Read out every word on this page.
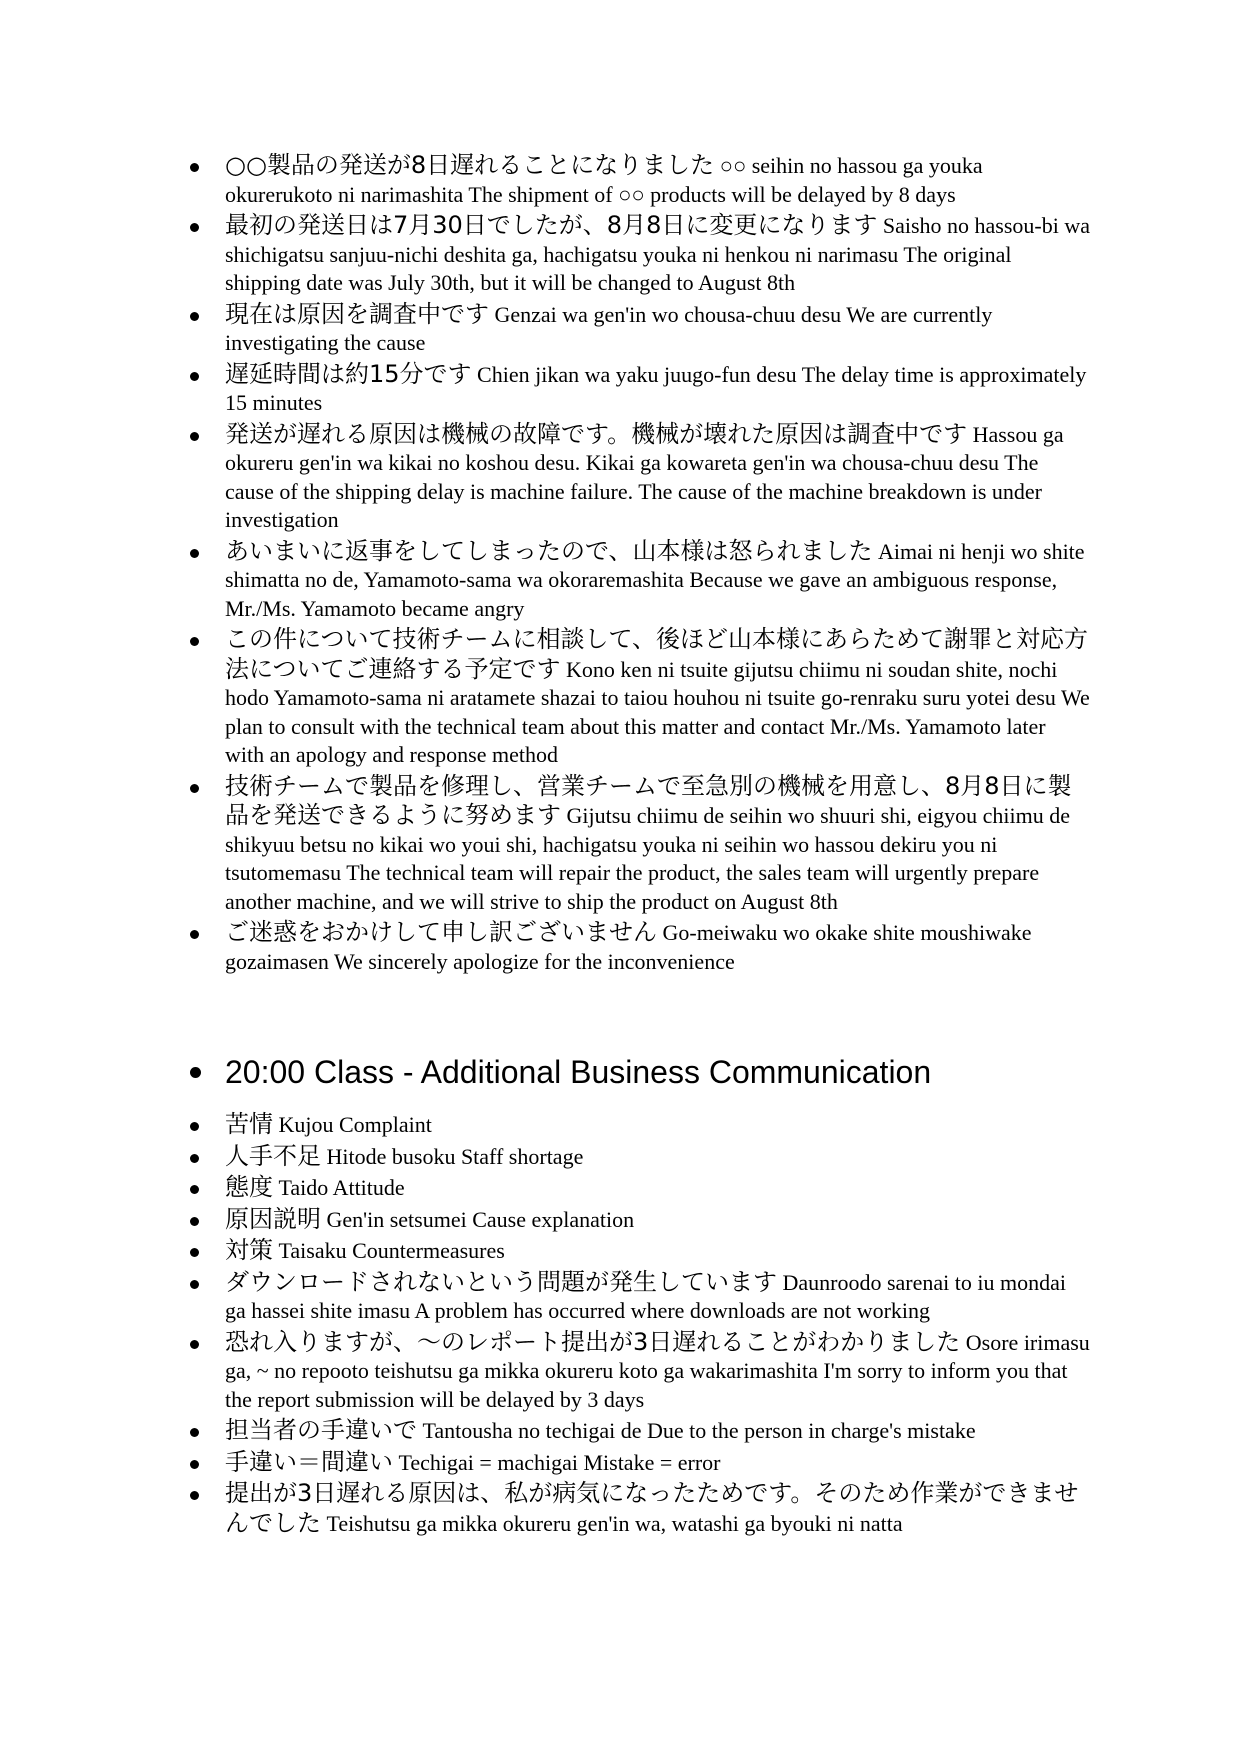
○○製品の発送が8日遅れることになりました ○○ seihin no hassou ga youka okurerukoto ni narimashita The shipment of ○○ products will be delayed by 8 days
最初の発送日は7月30日でしたが、8月8日に変更になります Saisho no hassou-bi wa shichigatsu sanjuu-nichi deshita ga, hachigatsu youka ni henkou ni narimasu The original shipping date was July 30th, but it will be changed to August 8th
現在は原因を調査中です Genzai wa gen'in wo chousa-chuu desu We are currently investigating the cause
遅延時間は約15分です Chien jikan wa yaku juugo-fun desu The delay time is approximately 15 minutes
発送が遅れる原因は機械の故障です。機械が壊れた原因は調査中です Hassou ga okureru gen'in wa kikai no koshou desu. Kikai ga kowareta gen'in wa chousa-chuu desu The cause of the shipping delay is machine failure. The cause of the machine breakdown is under investigation
あいまいに返事をしてしまったので、山本様は怒られました Aimai ni henji wo shite shimatta no de, Yamamoto-sama wa okoraremashita Because we gave an ambiguous response, Mr./Ms. Yamamoto became angry
この件について技術チームに相談して、後ほど山本様にあらためて謝罪と対応方法についてご連絡する予定です Kono ken ni tsuite gijutsu chiimu ni soudan shite, nochi hodo Yamamoto-sama ni aratamete shazai to taiou houhou ni tsuite go-renraku suru yotei desu We plan to consult with the technical team about this matter and contact Mr./Ms. Yamamoto later with an apology and response method
技術チームで製品を修理し、営業チームで至急別の機械を用意し、8月8日に製品を発送できるように努めます Gijutsu chiimu de seihin wo shuuri shi, eigyou chiimu de shikyuu betsu no kikai wo youi shi, hachigatsu youka ni seihin wo hassou dekiru you ni tsutomemasu The technical team will repair the product, the sales team will urgently prepare another machine, and we will strive to ship the product on August 8th
ご迷惑をおかけして申し訳ございません Go-meiwaku wo okake shite moushiwake gozaimasen We sincerely apologize for the inconvenience
20:00 Class - Additional Business Communication
苦情 Kujou Complaint
人手不足 Hitode busoku Staff shortage
態度 Taido Attitude
原因説明 Gen'in setsumei Cause explanation
対策 Taisaku Countermeasures
ダウンロードされないという問題が発生しています Daunroodo sarenai to iu mondai ga hassei shite imasu A problem has occurred where downloads are not working
恐れ入りますが、～のレポート提出が3日遅れることがわかりました Osore irimasu ga, ~ no repooto teishutsu ga mikka okureru koto ga wakarimashita I'm sorry to inform you that the report submission will be delayed by 3 days
担当者の手違いで Tantousha no techigai de Due to the person in charge's mistake
手違い＝間違い Techigai = machigai Mistake = error
提出が3日遅れる原因は、私が病気になったためです。そのため作業ができませんでした Teishutsu ga mikka okureru gen'in wa, watashi ga byouki ni natta
